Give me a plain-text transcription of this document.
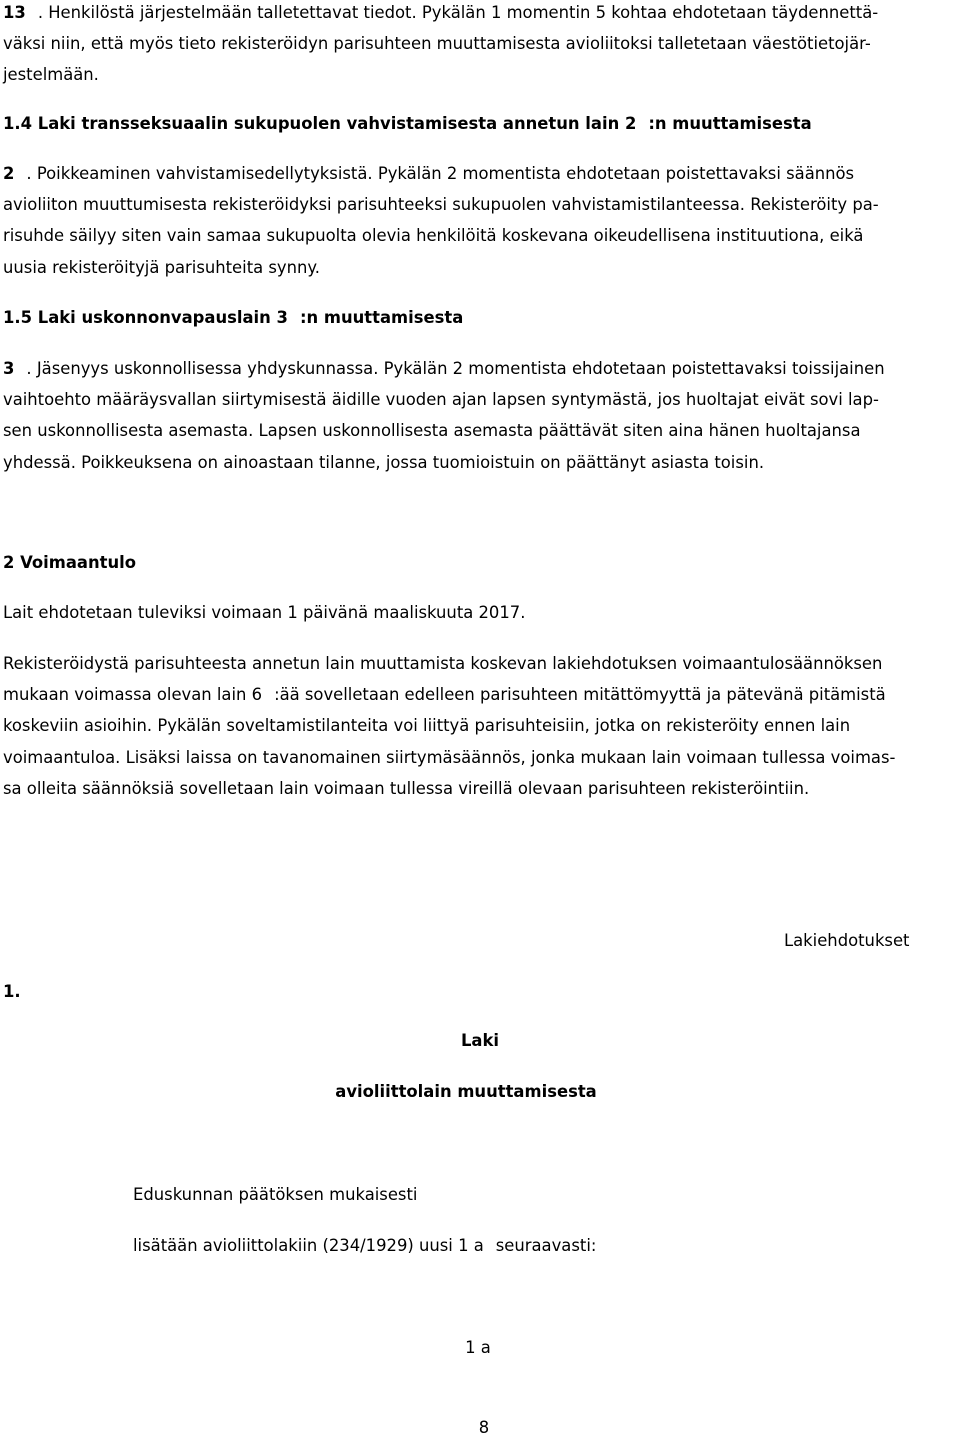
13 . Henkilöstä järjestelmään talletettavat tiedot. Pykälän 1 momentin 5 kohtaa ehdotetaan täydennettä-
väksi niin, että myös tieto rekisteröidyn parisuhteen muuttamisesta avioliitoksi talletetaan väestötietojär-
jestelmään.

1.4 Laki transseksuaalin sukupuolen vahvistamisesta annetun lain 2 :n muuttamisesta

2 . Poikkeaminen vahvistamisedellytyksistä. Pykälän 2 momentista ehdotetaan poistettavaksi säännös
avioliiton muuttumisesta rekisteröidyksi parisuhteeksi sukupuolen vahvistamistilanteessa. Rekisteröity pa-
risuhde säilyy siten vain samaa sukupuolta olevia henkilöitä koskevana oikeudellisena instituutiona, eikä
uusia rekisteröityjä parisuhteita synny.

1.5 Laki uskonnonvapauslain 3 :n muuttamisesta

3 . Jäsenyys uskonnollisessa yhdyskunnassa. Pykälän 2 momentista ehdotetaan poistettavaksi toissijainen
vaihtoehto määräysvallan siirtymisestä äidille vuoden ajan lapsen syntymästä, jos huoltajat eivät sovi lap-
sen uskonnollisesta asemasta. Lapsen uskonnollisesta asemasta päättävät siten aina hänen huoltajansa
yhdessä. Poikkeuksena on ainoastaan tilanne, jossa tuomioistuin on päättänyt asiasta toisin.

2 Voimaantulo

Lait ehdotetaan tuleviksi voimaan 1 päivänä maaliskuuta 2017.

Rekisteröidystä parisuhteesta annetun lain muuttamista koskevan lakiehdotuksen voimaantulosäännöksen
mukaan voimassa olevan lain 6 :ää sovelletaan edelleen parisuhteen mitättömyyttä ja pätevänä pitämistä
koskeviin asioihin. Pykälän soveltamistilanteita voi liittyä parisuhteisiin, jotka on rekisteröity ennen lain
voimaantuloa. Lisäksi laissa on tavanomainen siirtymäsäännös, jonka mukaan lain voimaan tullessa voimas-
sa olleita säännöksiä sovelletaan lain voimaan tullessa vireillä olevaan parisuhteen rekisteröintiin.

Lakiehdotukset

1.

Laki

avioliittolain muuttamisesta

Eduskunnan päätöksen mukaisesti

lisätään avioliittolakiin (234/1929) uusi 1 a seuraavasti:

1 a

8
